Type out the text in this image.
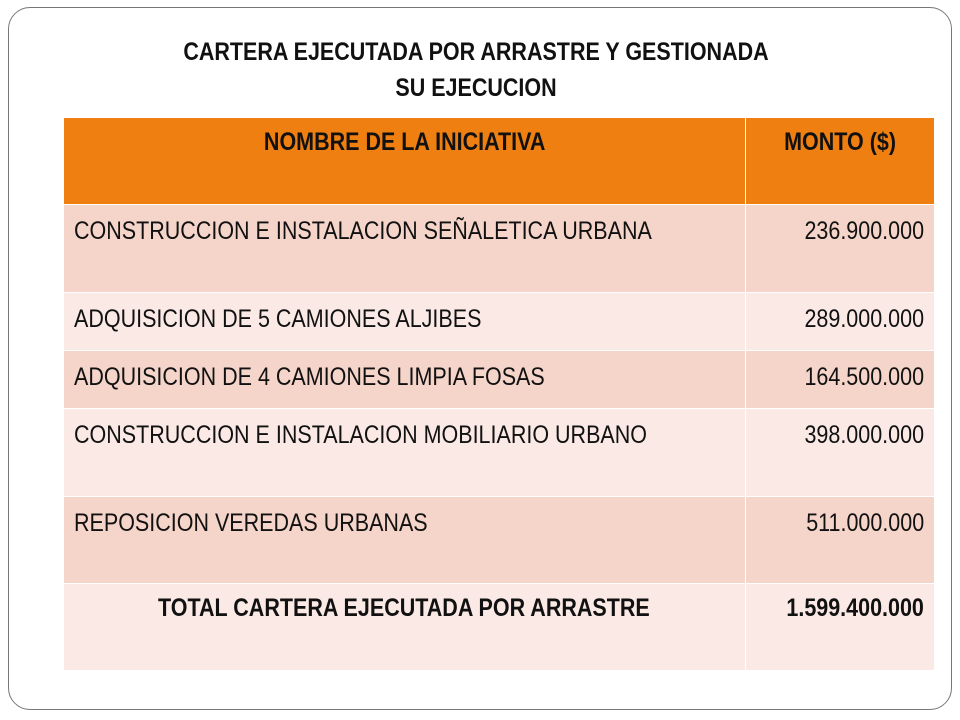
CARTERA EJECUTADA POR ARRASTRE Y GESTIONADA
SU EJECUCION
NOMBRE DE LA INICIATIVA	MONTO ($)
CONSTRUCCION E INSTALACION SEÑALETICA URBANA	236.900.000
ADQUISICION DE 5 CAMIONES ALJIBES	289.000.000
ADQUISICION DE 4 CAMIONES LIMPIA FOSAS	164.500.000
CONSTRUCCION E INSTALACION MOBILIARIO URBANO	398.000.000
REPOSICION VEREDAS URBANAS	511.000.000
TOTAL CARTERA EJECUTADA POR ARRASTRE	1.599.400.000
